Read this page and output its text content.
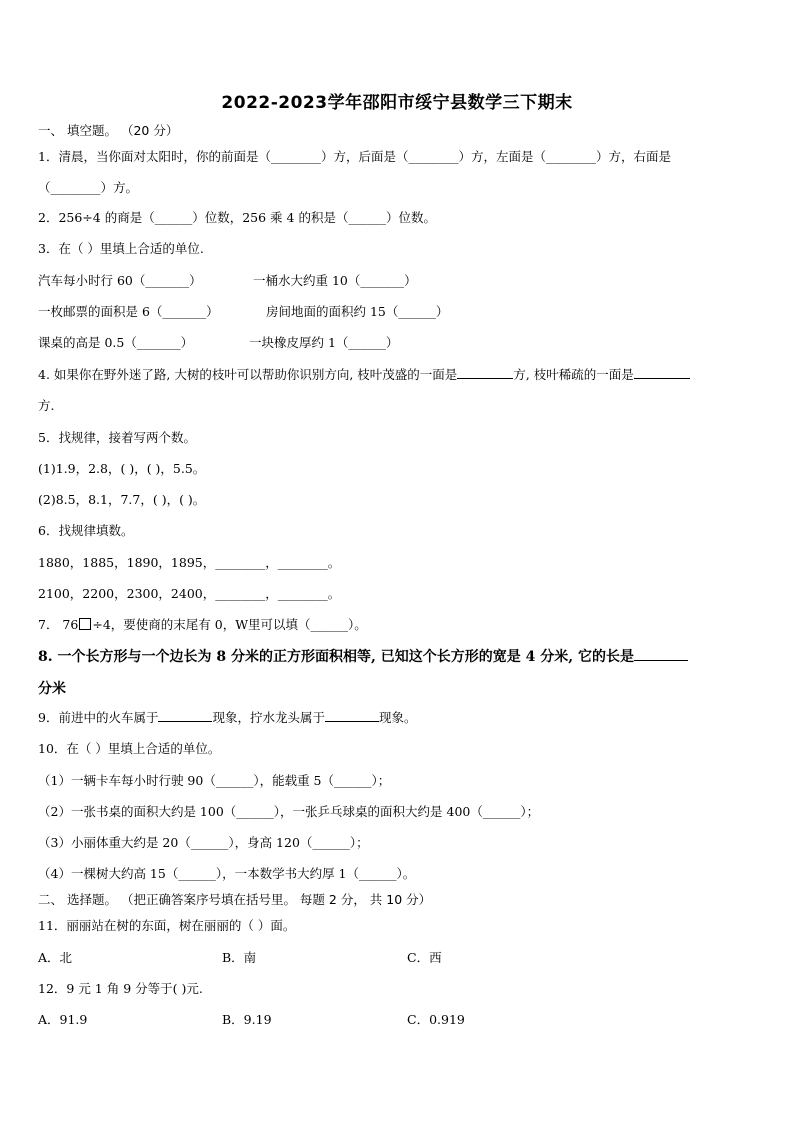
2022-2023学年邵阳市绥宁县数学三下期末
一、 填空题。 （20 分）
1．清晨，当你面对太阳时，你的前面是（________）方，后面是（________）方，左面是（________）方，右面是
（________）方。
2．256÷4 的商是（______）位数，256 乘 4 的积是（______）位数。
3．在（ ）里填上合适的单位.
汽车每小时行 60（_______）	一桶水大约重 10（_______）
一枚邮票的面积是 6（_______）	房间地面的面积约 15（______）
课桌的高是 0.5（_______）	一块橡皮厚约 1（______）
4. 如果你在野外迷了路, 大树的枝叶可以帮助你识别方向, 枝叶茂盛的一面是	方, 枝叶稀疏的一面是
方.
5．找规律，接着写两个数。
(1)1.9，2.8，( )，( )，5.5。
(2)8.5，8.1，7.7，( )，( )。
6．找规律填数。
1880，1885，1890，1895，________，________。
2100，2200，2300，2400，________，________。
7． 76 ÷4，要使商的末尾有 0，W里可以填（______）。
8. 一个长方形与一个边长为 8 分米的正方形面积相等, 已知这个长方形的宽是 4 分米, 它的长是
分米
9．前进中的火车属于	现象，拧水龙头属于	现象。
10．在（ ）里填上合适的单位。
（1）一辆卡车每小时行驶 90（______），能载重 5（______）；
（2）一张书桌的面积大约是 100（______），一张乒乓球桌的面积大约是 400（______）；
（3）小丽体重大约是 20（______），身高 120（______）；
（4）一棵树大约高 15（______），一本数学书大约厚 1（______）。
二、 选择题。 （把正确答案序号填在括号里。 每题 2 分， 共 10 分）
11．丽丽站在树的东面，树在丽丽的（ ）面。
A．北	B．南	C．西
12．9 元 1 角 9 分等于( )元.
A．91.9	B．9.19	C．0.919
